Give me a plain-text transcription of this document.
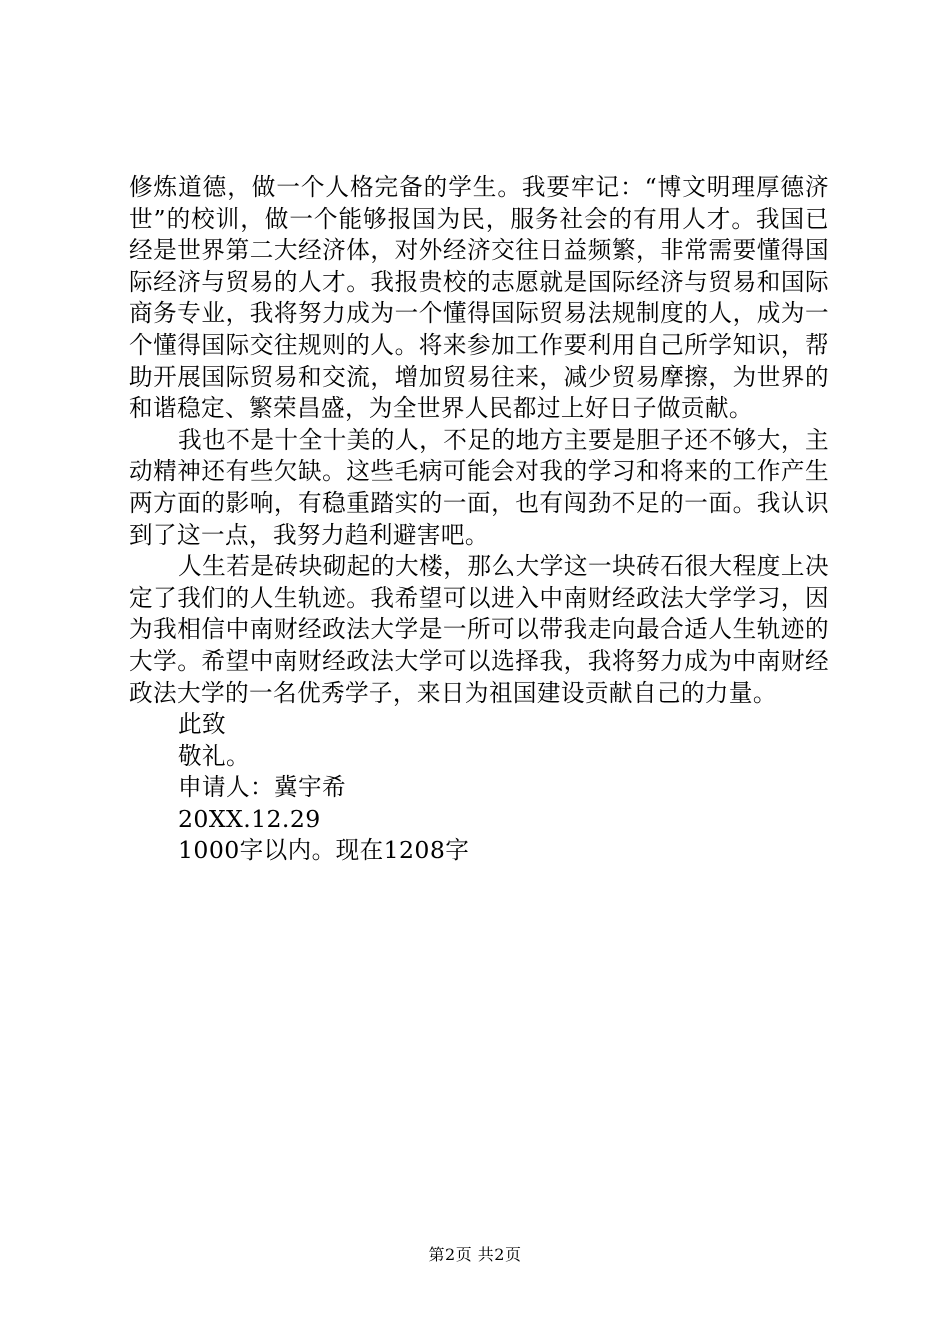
修炼道德，做一个人格完备的学生。我要牢记：“博文明理厚德济世”的校训，做一个能够报国为民，服务社会的有用人才。我国已经是世界第二大经济体，对外经济交往日益频繁，非常需要懂得国际经济与贸易的人才。我报贵校的志愿就是国际经济与贸易和国际商务专业，我将努力成为一个懂得国际贸易法规制度的人，成为一个懂得国际交往规则的人。将来参加工作要利用自己所学知识，帮助开展国际贸易和交流，增加贸易往来，减少贸易摩擦，为世界的和谐稳定、繁荣昌盛，为全世界人民都过上好日子做贡献。

我也不是十全十美的人，不足的地方主要是胆子还不够大，主动精神还有些欠缺。这些毛病可能会对我的学习和将来的工作产生两方面的影响，有稳重踏实的一面，也有闯劲不足的一面。我认识到了这一点，我努力趋利避害吧。

人生若是砖块砌起的大楼，那么大学这一块砖石很大程度上决定了我们的人生轨迹。我希望可以进入中南财经政法大学学习，因为我相信中南财经政法大学是一所可以带我走向最合适人生轨迹的大学。希望中南财经政法大学可以选择我，我将努力成为中南财经政法大学的一名优秀学子，来日为祖国建设贡献自己的力量。

此致

敬礼。

申请人：冀宇希

20XX.12.29

1000字以内。现在1208字

第2页 共2页
